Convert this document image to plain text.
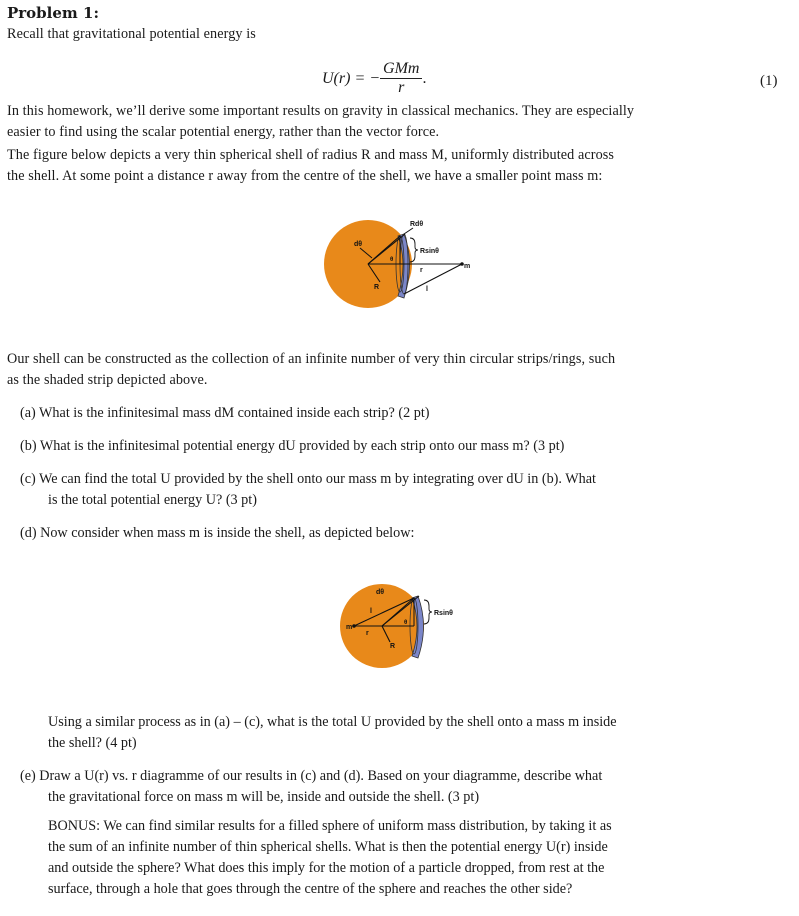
Problem 1:
Recall that gravitational potential energy is
U(r) = − $\frac{\text{GMm}}{r}$ .	(1)
In this homework, we’ll derive some important results on gravity in classical mechanics. They are especially
easier to find using the scalar potential energy, rather than the vector force.
The figure below depicts a very thin spherical shell of radius R and mass M, uniformly distributed across
the shell. At some point a distance r away from the centre of the shell, we have a smaller point mass m:
Rdθ
dθ
Rsinθ
θ
r
m
R	l
Our shell can be constructed as the collection of an infinite number of very thin circular strips/rings, such
as the shaded strip depicted above.
(a) What is the infinitesimal mass dM contained inside each strip? (2 pt)
(b) What is the infinitesimal potential energy dU provided by each strip onto our mass m? (3 pt)
(c) We can find the total U provided by the shell onto our mass m by integrating over dU in (b). What
is the total potential energy U? (3 pt)
(d) Now consider when mass m is inside the shell, as depicted below:
dθ
l
m
r
θ
R
Rsinθ
Using a similar process as in (a) – (c), what is the total U provided by the shell onto a mass m inside
the shell? (4 pt)
(e) Draw a U(r) vs. r diagramme of our results in (c) and (d). Based on your diagramme, describe what
the gravitational force on mass m will be, inside and outside the shell. (3 pt)
BONUS: We can find similar results for a filled sphere of uniform mass distribution, by taking it as
the sum of an infinite number of thin spherical shells. What is then the potential energy U(r) inside
and outside the sphere? What does this imply for the motion of a particle dropped, from rest at the
surface, through a hole that goes through the centre of the sphere and reaches the other side?
